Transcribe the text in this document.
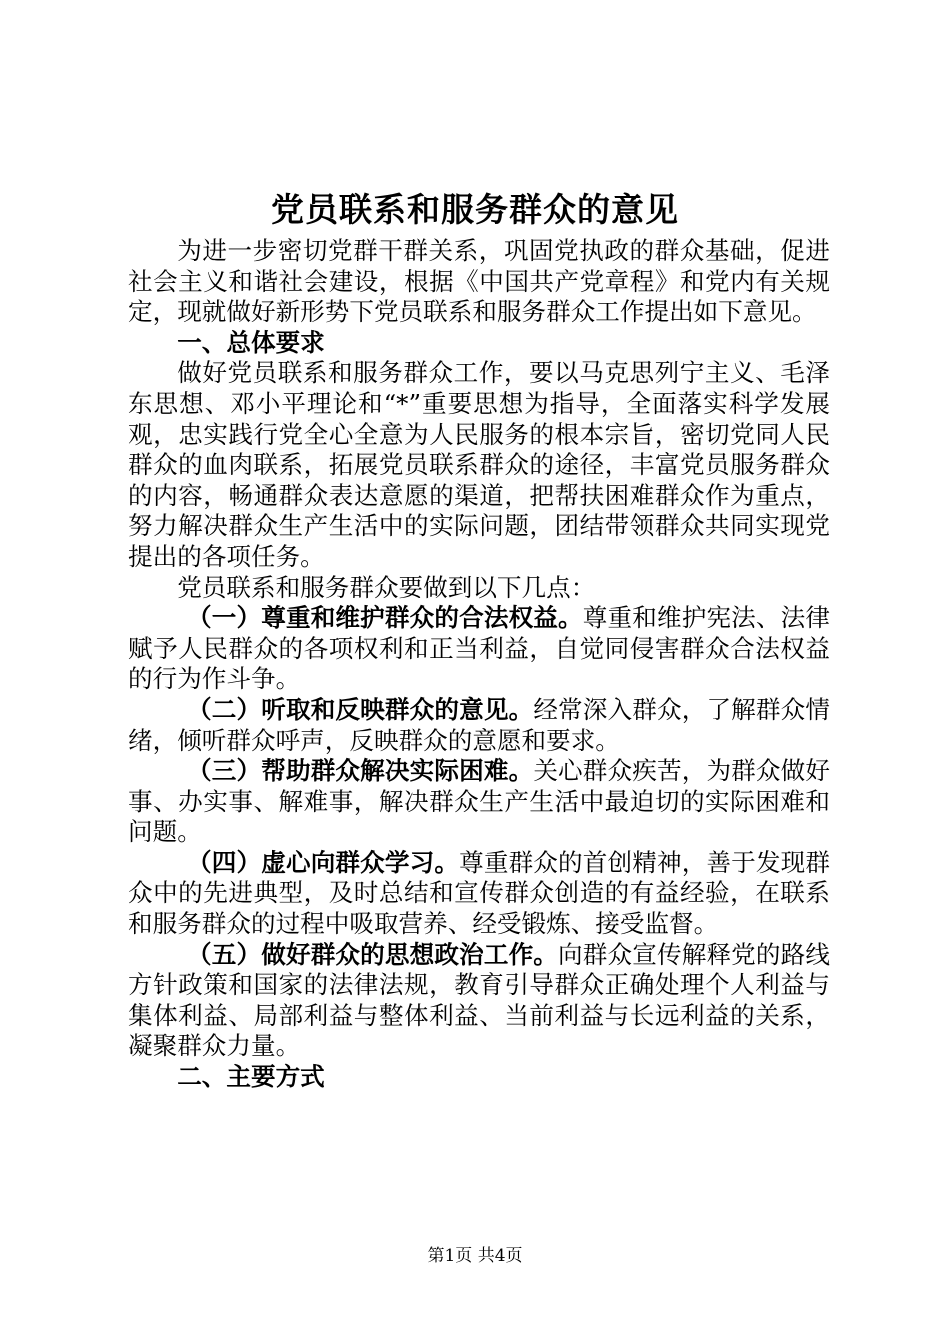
党员联系和服务群众的意见

为进一步密切党群干群关系，巩固党执政的群众基础，促进社会主义和谐社会建设，根据《中国共产党章程》和党内有关规定，现就做好新形势下党员联系和服务群众工作提出如下意见。

一、总体要求

做好党员联系和服务群众工作，要以马克思列宁主义、毛泽东思想、邓小平理论和“*”重要思想为指导，全面落实科学发展观，忠实践行党全心全意为人民服务的根本宗旨，密切党同人民群众的血肉联系，拓展党员联系群众的途径，丰富党员服务群众的内容，畅通群众表达意愿的渠道，把帮扶困难群众作为重点，努力解决群众生产生活中的实际问题，团结带领群众共同实现党提出的各项任务。

党员联系和服务群众要做到以下几点：

（一）尊重和维护群众的合法权益。尊重和维护宪法、法律赋予人民群众的各项权利和正当利益，自觉同侵害群众合法权益的行为作斗争。

（二）听取和反映群众的意见。经常深入群众，了解群众情绪，倾听群众呼声，反映群众的意愿和要求。

（三）帮助群众解决实际困难。关心群众疾苦，为群众做好事、办实事、解难事，解决群众生产生活中最迫切的实际困难和问题。

（四）虚心向群众学习。尊重群众的首创精神，善于发现群众中的先进典型，及时总结和宣传群众创造的有益经验，在联系和服务群众的过程中吸取营养、经受锻炼、接受监督。

（五）做好群众的思想政治工作。向群众宣传解释党的路线方针政策和国家的法律法规，教育引导群众正确处理个人利益与集体利益、局部利益与整体利益、当前利益与长远利益的关系，凝聚群众力量。

二、主要方式

第1页 共4页
